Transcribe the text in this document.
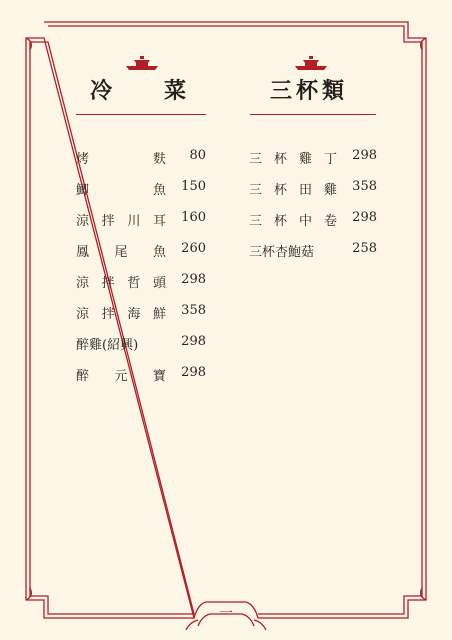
冷 菜	三杯類
烤	麩	80
鯽	魚	150
涼 拌 川 耳	160
鳳 尾 魚	260
涼 拌 哲 頭	298
涼 拌 海 鮮	358
醉雞(紹興)	298
醉 元 寶	298
三 杯 雞 丁 298
三 杯 田 雞 358
三 杯 中 卷 298
三杯杏鮑菇	258
一
